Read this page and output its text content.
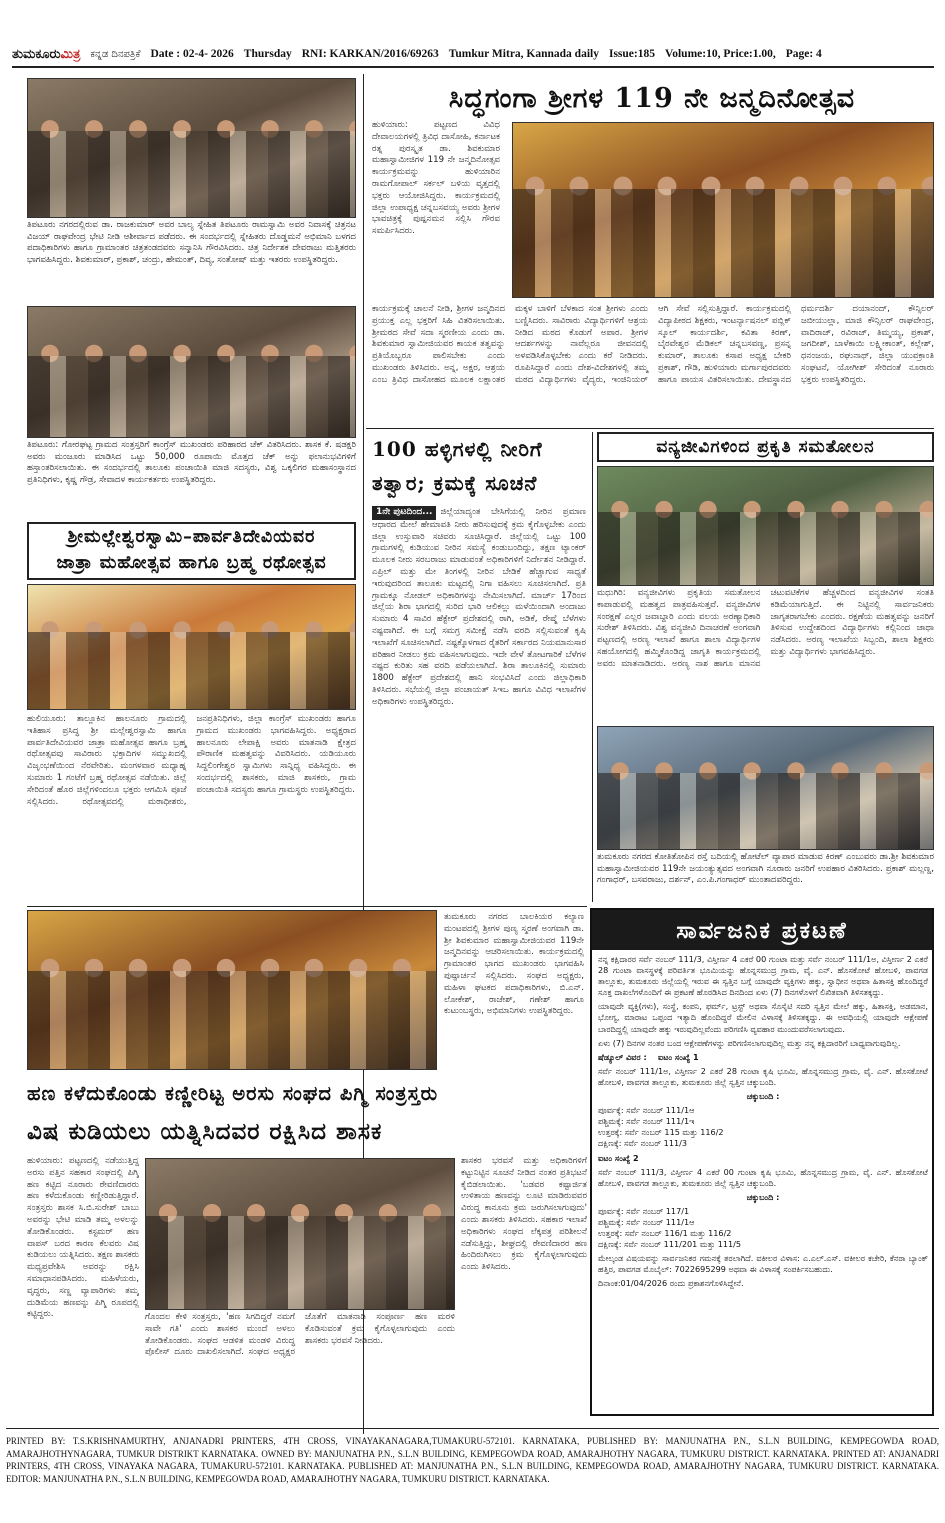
ತುಮಕೂರುಮಿತ್ರ ಕನ್ನಡ ದಿನಪತ್ರಿಕೆ Date : 02-4- 2026 Thursday RNI: KARKAN/2016/69263 Tumkur Mitra, Kannada daily Issue:185 Volume:10, Price:1.00, Page: 4
ತಿಪಟೂರು ನಗರದಲ್ಲಿರುವ ಡಾ. ರಾಜಕುಮಾರ್ ಅವರ ಬಾಲ್ಯ ಸ್ನೇಹಿತ ತಿಪಟೂರು ರಾಮಸ್ವಾಮಿ ಅವರ ನಿವಾಸಕ್ಕೆ ಚಿತ್ರನಟ ವಿಜಯ್ ರಾಘವೇಂದ್ರ ಭೇಟಿ ನೀಡಿ ಆಶೀರ್ವಾದ ಪಡೆದರು. ಈ ಸಂದರ್ಭದಲ್ಲಿ ಸ್ನೇಹಿತರು ದೊಡ್ಡಮನೆ ಅಭಿಮಾನಿ ಬಳಗದ ಪದಾಧಿಕಾರಿಗಳು ಹಾಗೂ ಗ್ರಾಮಾಂತರ ಚಿತ್ರತಂಡದವರು ಸನ್ಮಾನಿಸಿ ಗೌರವಿಸಿದರು. ಚಿತ್ರ ನಿರ್ದೇಶಕ ದೇವರಾಜು ಮತ್ತಿತರರು ಭಾಗವಹಿಸಿದ್ದರು. ಶಿವಕುಮಾರ್, ಪ್ರಕಾಶ್, ಚಂದ್ರು, ಹೇಮಂತ್, ದಿವ್ಯ, ಸಂತೋಷ್ ಮತ್ತು ಇತರರು ಉಪಸ್ಥಿತರಿದ್ದರು.
ತಿಪಟೂರು: ಗೋರಘಟ್ಟ ಗ್ರಾಮದ ಸಂತ್ರಸ್ತರಿಗೆ ಕಾಂಗ್ರೆಸ್ ಮುಖಂಡರು ಪರಿಹಾರದ ಚೆಕ್ ವಿತರಿಸಿದರು. ಶಾಸಕ ಕೆ. ಷಡಕ್ಷರಿ ಅವರು ಮಂಜೂರು ಮಾಡಿಸಿದ ಒಟ್ಟು 50,000 ರೂಪಾಯಿ ಮೊತ್ತದ ಚೆಕ್ ಅನ್ನು ಫಲಾನುಭವಿಗಳಿಗೆ ಹಸ್ತಾಂತರಿಸಲಾಯಿತು. ಈ ಸಂದರ್ಭದಲ್ಲಿ ತಾಲೂಕು ಪಂಚಾಯಿತಿ ಮಾಜಿ ಸದಸ್ಯರು, ವಿಶ್ವ ಒಕ್ಕಲಿಗರ ಮಹಾಸಂಸ್ಥಾನದ ಪ್ರತಿನಿಧಿಗಳು, ಕೃಷ್ಣ ಗೌಡ್ರ, ಸೇವಾದಳ ಕಾರ್ಯಕರ್ತರು ಉಪಸ್ಥಿತರಿದ್ದರು.
ಶ್ರೀಮಲ್ಲೇಶ್ವರಸ್ವಾಮಿ–ಪಾರ್ವತಿದೇವಿಯವರ
ಜಾತ್ರಾ ಮಹೋತ್ಸವ ಹಾಗೂ ಬ್ರಹ್ಮ ರಥೋತ್ಸವ
ಹುಲಿಯೂರು: ತಾಲ್ಲೂಕಿನ ಹಾಲನೂರು ಗ್ರಾಮದಲ್ಲಿ ಇತಿಹಾಸ ಪ್ರಸಿದ್ಧ ಶ್ರೀ ಮಲ್ಲೇಶ್ವರಸ್ವಾಮಿ ಹಾಗೂ ಪಾರ್ವತಿದೇವಿಯವರ ಜಾತ್ರಾ ಮಹೋತ್ಸವ ಹಾಗೂ ಬ್ರಹ್ಮ ರಥೋತ್ಸವವು ಸಾವಿರಾರು ಭಕ್ತಾದಿಗಳ ಸಮ್ಮುಖದಲ್ಲಿ ವಿಜೃಂಭಣೆಯಿಂದ ನೆರವೇರಿತು. ಮಂಗಳವಾರ ಮಧ್ಯಾಹ್ನ ಸುಮಾರು 1 ಗಂಟೆಗೆ ಬ್ರಹ್ಮ ರಥೋತ್ಸವ ನಡೆಯಿತು. ಜಿಲ್ಲೆ ಸೇರಿದಂತೆ ಹೊರ ಜಿಲ್ಲೆಗಳಿಂದಲೂ ಭಕ್ತರು ಆಗಮಿಸಿ ಪೂಜೆ ಸಲ್ಲಿಸಿದರು. ರಥೋತ್ಸವದಲ್ಲಿ ಮಠಾಧೀಶರು, ಜನಪ್ರತಿನಿಧಿಗಳು, ಜಿಲ್ಲಾ ಕಾಂಗ್ರೆಸ್ ಮುಖಂಡರು ಹಾಗೂ ಗ್ರಾಮದ ಮುಖಂಡರು ಭಾಗವಹಿಸಿದ್ದರು. ಅಧ್ಯಕ್ಷರಾದ ಹಾಲನೂರು ಲೇಪಾಕ್ಷಿ ಅವರು ಮಾತನಾಡಿ ಕ್ಷೇತ್ರದ ಪೌರಾಣಿಕ ಮಹತ್ವವನ್ನು ವಿವರಿಸಿದರು. ಯಡಿಯೂರು ಸಿದ್ದಲಿಂಗೇಶ್ವರ ಸ್ವಾಮಿಗಳು ಸಾನ್ನಿಧ್ಯ ವಹಿಸಿದ್ದರು. ಈ ಸಂದರ್ಭದಲ್ಲಿ ಶಾಸಕರು, ಮಾಜಿ ಶಾಸಕರು, ಗ್ರಾಮ ಪಂಚಾಯಿತಿ ಸದಸ್ಯರು ಹಾಗೂ ಗ್ರಾಮಸ್ಥರು ಉಪಸ್ಥಿತರಿದ್ದರು.
ಸಿದ್ಧಗಂಗಾ ಶ್ರೀಗಳ 119 ನೇ ಜನ್ಮದಿನೋತ್ಸವ
ಹುಳಿಯಾರು: ಪಟ್ಟಣದ ವಿವಿಧ ದೇವಾಲಯಗಳಲ್ಲಿ ತ್ರಿವಿಧ ದಾಸೋಹಿ, ಕರ್ನಾಟಕ ರತ್ನ ಪುರಸ್ಕೃತ ಡಾ. ಶಿವಕುಮಾರ ಮಹಾಸ್ವಾಮೀಜಿಗಳ 119 ನೇ ಜನ್ಮದಿನೋತ್ಸವ ಕಾರ್ಯಕ್ರಮವನ್ನು ಹುಳಿಯಾರಿನ ರಾಮಗೋಪಾಲ್ ಸರ್ಕಲ್ ಬಳಿಯ ವೃತ್ತದಲ್ಲಿ ಭಕ್ತರು ಆಯೋಜಿಸಿದ್ದರು. ಕಾರ್ಯಕ್ರಮದಲ್ಲಿ ಜಿಲ್ಲಾ ಉಪಾಧ್ಯಕ್ಷ ಚನ್ನಬಸವಯ್ಯ ಅವರು ಶ್ರೀಗಳ ಭಾವಚಿತ್ರಕ್ಕೆ ಪುಷ್ಪನಮನ ಸಲ್ಲಿಸಿ ಗೌರವ ಸಮರ್ಪಿಸಿದರು.
ಕಾರ್ಯಕ್ರಮಕ್ಕೆ ಚಾಲನೆ ನೀಡಿ, ಶ್ರೀಗಳ ಜನ್ಮದಿನದ ಪ್ರಯುಕ್ತ ಎಲ್ಲ ಭಕ್ತರಿಗೆ ಸಿಹಿ ವಿತರಿಸಲಾಯಿತು. ಶ್ರೀಮಠದ ಸೇವೆ ಸದಾ ಸ್ಮರಣೀಯ ಎಂದು ಡಾ. ಶಿವಕುಮಾರ ಸ್ವಾಮೀಜಿಯವರ ಕಾಯಕ ತತ್ವವನ್ನು ಪ್ರತಿಯೊಬ್ಬರೂ ಪಾಲಿಸಬೇಕು ಎಂದು ಮುಖಂಡರು ತಿಳಿಸಿದರು. ಅನ್ನ, ಅಕ್ಷರ, ಆಶ್ರಯ ಎಂಬ ತ್ರಿವಿಧ ದಾಸೋಹದ ಮೂಲಕ ಲಕ್ಷಾಂತರ ಮಕ್ಕಳ ಬಾಳಿಗೆ ಬೆಳಕಾದ ಸಂತ ಶ್ರೀಗಳು ಎಂದು ಬಣ್ಣಿಸಿದರು. ಸಾವಿರಾರು ವಿದ್ಯಾರ್ಥಿಗಳಿಗೆ ಆಶ್ರಯ ನೀಡಿದ ಮಠದ ಕೊಡುಗೆ ಅಪಾರ. ಶ್ರೀಗಳ ಆದರ್ಶಗಳನ್ನು ನಾವೆಲ್ಲರೂ ಜೀವನದಲ್ಲಿ ಅಳವಡಿಸಿಕೊಳ್ಳಬೇಕು ಎಂದು ಕರೆ ನೀಡಿದರು. ರೂಪಿಸಿದ್ದಾರೆ ಎಂದು ದೇಶ-ವಿದೇಶಗಳಲ್ಲಿ ತಮ್ಮ ಮಠದ ವಿದ್ಯಾರ್ಥಿಗಳು ವೈದ್ಯರು, ಇಂಜಿನಿಯರ್ ಆಗಿ ಸೇವೆ ಸಲ್ಲಿಸುತ್ತಿದ್ದಾರೆ. ಕಾರ್ಯಕ್ರಮದಲ್ಲಿ ವಿದ್ಯಾಪೀಠದ ಶಿಕ್ಷಕರು, ಇಂಟರ್ನ್ಯಾಷನಲ್ ಪಬ್ಲಿಕ್ ಸ್ಕೂಲ್ ಕಾರ್ಯದರ್ಶಿ, ಕವಿತಾ ಕಿರಣ್, ಬೈರವೇಶ್ವರ ಮೆಡಿಕಲ್ ಚನ್ನಬಸವಣ್ಣ, ಪ್ರಸನ್ನ ಕುಮಾರ್, ತಾಲೂಕು ಕಸಾಪ ಅಧ್ಯಕ್ಷ ಬೇಕರಿ ಪ್ರಕಾಶ್, ಗೌಡಿ, ಹುಳಿಯಾರು ಮರ್ಗಾಪುರದವರು ಹಾಗೂ ಪಾಯಸ ವಿತರಿಸಲಾಯಿತು. ದೇವಸ್ಥಾನದ ಧರ್ಮದರ್ಶಿ ದಯಾನಂದ್, ಕೌನ್ಸಿಲರ್ ಜಬೀಯುಲ್ಲಾ, ಮಾಜಿ ಕೌನ್ಸಿಲರ್ ರಾಘವೇಂದ್ರ, ವಾದಿರಾಜ್, ರವಿರಾಜ್, ತಿಮ್ಮಯ್ಯ, ಪ್ರಕಾಶ್, ಜಗದೀಶ್, ಬಾಳೆಕಾಯಿ ಲಕ್ಷ್ಮೀಕಾಂತ್, ಕಲ್ಲೇಶ್, ಧನಂಜಯ, ರಘುನಾಥ್, ಜಿಲ್ಲಾ ಯುವಕ್ರಾಂತಿ ಸಂಘಟನೆ, ಯೋಗೀಶ್ ಸೇರಿದಂತೆ ನೂರಾರು ಭಕ್ತರು ಉಪಸ್ಥಿತರಿದ್ದರು.
100 ಹಳ್ಳಿಗಳಲ್ಲಿ ನೀರಿಗೆ
ತತ್ವಾರ; ಕ್ರಮಕ್ಕೆ ಸೂಚನೆ
1ನೇ ಪುಟದಿಂದ... ಜಿಲ್ಲೆಯಾದ್ಯಂತ ಬೇಸಿಗೆಯಲ್ಲಿ ನೀರಿನ ಪ್ರಮಾಣ ಆಧಾರದ ಮೇಲೆ ಹೇಮಾವತಿ ನೀರು ಹರಿಸುವುದಕ್ಕೆ ಕ್ರಮ ಕೈಗೊಳ್ಳಬೇಕು ಎಂದು ಜಿಲ್ಲಾ ಉಸ್ತುವಾರಿ ಸಚಿವರು ಸೂಚಿಸಿದ್ದಾರೆ. ಜಿಲ್ಲೆಯಲ್ಲಿ ಒಟ್ಟು 100 ಗ್ರಾಮಗಳಲ್ಲಿ ಕುಡಿಯುವ ನೀರಿನ ಸಮಸ್ಯೆ ಕಂಡುಬಂದಿದ್ದು, ತಕ್ಷಣ ಟ್ಯಾಂಕರ್ ಮೂಲಕ ನೀರು ಸರಬರಾಜು ಮಾಡುವಂತೆ ಅಧಿಕಾರಿಗಳಿಗೆ ನಿರ್ದೇಶನ ನೀಡಿದ್ದಾರೆ. ಎಪ್ರಿಲ್ ಮತ್ತು ಮೇ ತಿಂಗಳಲ್ಲಿ ನೀರಿನ ಬೇಡಿಕೆ ಹೆಚ್ಚಾಗುವ ಸಾಧ್ಯತೆ ಇರುವುದರಿಂದ ತಾಲೂಕು ಮಟ್ಟದಲ್ಲಿ ನಿಗಾ ವಹಿಸಲು ಸೂಚಿಸಲಾಗಿದೆ. ಪ್ರತಿ ಗ್ರಾಮಕ್ಕೂ ನೋಡಲ್ ಅಧಿಕಾರಿಗಳನ್ನು ನೇಮಿಸಲಾಗಿದೆ. ಮಾರ್ಚ್ 17ರಿಂದ ಜಿಲ್ಲೆಯ ಶಿರಾ ಭಾಗದಲ್ಲಿ ಸುರಿದ ಭಾರಿ ಆಲಿಕಲ್ಲು ಮಳೆಯಿಂದಾಗಿ ಅಂದಾಜು ಸುಮಾರು 4 ಸಾವಿರ ಹೆಕ್ಟೇರ್ ಪ್ರದೇಶದಲ್ಲಿ ರಾಗಿ, ಅಡಿಕೆ, ರೇಷ್ಮೆ ಬೆಳೆಗಳು ನಷ್ಟವಾಗಿದೆ. ಈ ಬಗ್ಗೆ ಸಮಗ್ರ ಸಮೀಕ್ಷೆ ನಡೆಸಿ ವರದಿ ಸಲ್ಲಿಸುವಂತೆ ಕೃಷಿ ಇಲಾಖೆಗೆ ಸೂಚಿಸಲಾಗಿದೆ. ನಷ್ಟಕ್ಕೊಳಗಾದ ರೈತರಿಗೆ ಸರ್ಕಾರದ ನಿಯಮಾನುಸಾರ ಪರಿಹಾರ ನೀಡಲು ಕ್ರಮ ವಹಿಸಲಾಗುವುದು. ಇದೇ ವೇಳೆ ತೋಟಗಾರಿಕೆ ಬೆಳೆಗಳ ನಷ್ಟದ ಕುರಿತು ಸಹ ವರದಿ ಪಡೆಯಲಾಗಿದೆ. ಶಿರಾ ತಾಲೂಕಿನಲ್ಲಿ ಸುಮಾರು 1800 ಹೆಕ್ಟೇರ್ ಪ್ರದೇಶದಲ್ಲಿ ಹಾನಿ ಸಂಭವಿಸಿದೆ ಎಂದು ಜಿಲ್ಲಾಧಿಕಾರಿ ತಿಳಿಸಿದರು. ಸಭೆಯಲ್ಲಿ ಜಿಲ್ಲಾ ಪಂಚಾಯತ್ ಸಿಇಒ ಹಾಗೂ ವಿವಿಧ ಇಲಾಖೆಗಳ ಅಧಿಕಾರಿಗಳು ಉಪಸ್ಥಿತರಿದ್ದರು.
ವನ್ಯಜೀವಿಗಳಿಂದ ಪ್ರಕೃತಿ ಸಮತೋಲನ
ಮಧುಗಿರಿ: ವನ್ಯಜೀವಿಗಳು ಪ್ರಕೃತಿಯ ಸಮತೋಲನ ಕಾಪಾಡುವಲ್ಲಿ ಮಹತ್ವದ ಪಾತ್ರವಹಿಸುತ್ತವೆ. ವನ್ಯಜೀವಿಗಳ ಸಂರಕ್ಷಣೆ ಎಲ್ಲರ ಜವಾಬ್ದಾರಿ ಎಂದು ವಲಯ ಅರಣ್ಯಾಧಿಕಾರಿ ಸುರೇಶ್ ತಿಳಿಸಿದರು. ವಿಶ್ವ ವನ್ಯಜೀವಿ ದಿನಾಚರಣೆ ಅಂಗವಾಗಿ ಪಟ್ಟಣದಲ್ಲಿ ಅರಣ್ಯ ಇಲಾಖೆ ಹಾಗೂ ಶಾಲಾ ವಿದ್ಯಾರ್ಥಿಗಳ ಸಹಯೋಗದಲ್ಲಿ ಹಮ್ಮಿಕೊಂಡಿದ್ದ ಜಾಗೃತಿ ಕಾರ್ಯಕ್ರಮದಲ್ಲಿ ಅವರು ಮಾತನಾಡಿದರು. ಅರಣ್ಯ ನಾಶ ಹಾಗೂ ಮಾನವ ಚಟುವಟಿಕೆಗಳ ಹೆಚ್ಚಳದಿಂದ ವನ್ಯಜೀವಿಗಳ ಸಂತತಿ ಕಡಿಮೆಯಾಗುತ್ತಿದೆ. ಈ ನಿಟ್ಟಿನಲ್ಲಿ ಸಾರ್ವಜನಿಕರು ಜಾಗೃತರಾಗಬೇಕು ಎಂದರು. ರಕ್ಷಣೆಯ ಮಹತ್ವವನ್ನು ಜನರಿಗೆ ತಿಳಿಸುವ ಉದ್ದೇಶದಿಂದ ವಿದ್ಯಾರ್ಥಿಗಳು ಕಲ್ಲಿನಿಂದ ಜಾಥಾ ನಡೆಸಿದರು. ಅರಣ್ಯ ಇಲಾಖೆಯ ಸಿಬ್ಬಂದಿ, ಶಾಲಾ ಶಿಕ್ಷಕರು ಮತ್ತು ವಿದ್ಯಾರ್ಥಿಗಳು ಭಾಗವಹಿಸಿದ್ದರು.
ತುಮಕೂರು ನಗರದ ಕೋತಿತೋಪಿನ ರಸ್ತೆ ಬದಿಯಲ್ಲಿ ಹೋಟೆಲ್ ವ್ಯಾಪಾರ ಮಾಡುವ ಕಿರಣ್ ಎಂಬುವರು ಡಾ.ಶ್ರೀ ಶಿವಕುಮಾರ ಮಹಾಸ್ವಾಮೀಜಿಯವರ 119ನೇ ಜಯಂತ್ಯುತ್ಸವದ ಅಂಗವಾಗಿ ನೂರಾರು ಜನರಿಗೆ ಉಪಹಾರ ವಿತರಿಸಿದರು. ಪ್ರಕಾಶ್ ಮಲ್ಲಣ್ಣ, ಗಂಗಾಧರ್, ಬಸವರಾಜು, ದರ್ಶನ್, ಎಂ.ಪಿ.ಗಂಗಾಧರ್ ಮುಂತಾದವರಿದ್ದರು.
ತುಮಕೂರು ನಗರದ ಬಾಲಕಿಯರ ಕಲ್ಯಾಣ ಮಂಟಪದಲ್ಲಿ ಶ್ರೀಗಳ ಪುಣ್ಯ ಸ್ಮರಣೆ ಅಂಗವಾಗಿ ಡಾ. ಶ್ರೀ ಶಿವಕುಮಾರ ಮಹಾಸ್ವಾಮೀಜಿಯವರ 119ನೇ ಜನ್ಮದಿನವನ್ನು ಆಚರಿಸಲಾಯಿತು. ಕಾರ್ಯಕ್ರಮದಲ್ಲಿ ಗ್ರಾಮಾಂತರ ಭಾಗದ ಮುಖಂಡರು ಭಾಗವಹಿಸಿ ಪುಷ್ಪಾರ್ಚನೆ ಸಲ್ಲಿಸಿದರು. ಸಂಘದ ಅಧ್ಯಕ್ಷರು, ಮಹಿಳಾ ಘಟಕದ ಪದಾಧಿಕಾರಿಗಳು, ಬಿ.ಎನ್. ಲೋಕೇಶ್, ರಾಜೇಶ್, ಗಣೇಶ್ ಹಾಗೂ ಕುಟುಂಬಸ್ಥರು, ಅಭಿಮಾನಿಗಳು ಉಪಸ್ಥಿತರಿದ್ದರು.
ಹಣ ಕಳೆದುಕೊಂಡು ಕಣ್ಣೀರಿಟ್ಟ ಅರಸು ಸಂಘದ ಪಿಗ್ಮಿ ಸಂತ್ರಸ್ತರು
ವಿಷ ಕುಡಿಯಲು ಯತ್ನಿಸಿದವರ ರಕ್ಷಿಸಿದ ಶಾಸಕ
ಹುಳಿಯಾರು: ಪಟ್ಟಣದಲ್ಲಿ ನಡೆಯುತ್ತಿದ್ದ ಅರಸು ಪತ್ತಿನ ಸಹಕಾರ ಸಂಘದಲ್ಲಿ ಪಿಗ್ಮಿ ಹಣ ಕಟ್ಟಿದ ನೂರಾರು ಠೇವಣಿದಾರರು ಹಣ ಕಳೆದುಕೊಂಡು ಕಣ್ಣೀರಿಡುತ್ತಿದ್ದಾರೆ. ಸಂತ್ರಸ್ತರು ಶಾಸಕ ಸಿ.ಬಿ.ಸುರೇಶ್ ಬಾಬು ಅವರನ್ನು ಭೇಟಿ ಮಾಡಿ ತಮ್ಮ ಅಳಲನ್ನು ತೋಡಿಕೊಂಡರು. ಕಸ್ಟಮರ್ ಹಣ ವಾಪಸ್ ಬರದ ಕಾರಣ ಕೆಲವರು ವಿಷ ಕುಡಿಯಲು ಯತ್ನಿಸಿದರು. ತಕ್ಷಣ ಶಾಸಕರು ಮಧ್ಯಪ್ರವೇಶಿಸಿ ಅವರನ್ನು ರಕ್ಷಿಸಿ ಸಮಾಧಾನಪಡಿಸಿದರು. ಮಹಿಳೆಯರು, ವೃದ್ಧರು, ಸಣ್ಣ ವ್ಯಾಪಾರಿಗಳು ತಮ್ಮ ದುಡಿಮೆಯ ಹಣವನ್ನು ಪಿಗ್ಮಿ ರೂಪದಲ್ಲಿ ಕಟ್ಟಿದ್ದರು.	ಗೊಂದಲ ಕೇಳಿ ಸಂತ್ರಸ್ತರು, 'ಹಣ ಸಿಗದಿದ್ದರೆ ನಮಗೆ ಸಾವೇ ಗತಿ' ಎಂದು ಶಾಸಕರ ಮುಂದೆ ಅಳಲು ತೋಡಿಕೊಂಡರು. ಸಂಘದ ಆಡಳಿತ ಮಂಡಳಿ ವಿರುದ್ಧ ಪೊಲೀಸ್ ದೂರು ದಾಖಲಿಸಲಾಗಿದೆ. ಸಂಘದ ಅಧ್ಯಕ್ಷರ ಜೊತೆಗೆ ಮಾತನಾಡಿ ಸಂಪೂರ್ಣ ಹಣ ಮರಳಿ ಕೊಡಿಸುವಂತೆ ಕ್ರಮ ಕೈಗೊಳ್ಳಲಾಗುವುದು ಎಂದು ಶಾಸಕರು ಭರವಸೆ ನೀಡಿದರು.
ಶಾಸಕರ ಭರವಸೆ ಮತ್ತು ಅಧಿಕಾರಿಗಳಿಗೆ ಕಟ್ಟುನಿಟ್ಟಿನ ಸೂಚನೆ ನೀಡಿದ ನಂತರ ಪ್ರತಿಭಟನೆ ಕೈಬಿಡಲಾಯಿತು. 'ಬಡವರ ಕಷ್ಟಾರ್ಜಿತ ಉಳಿತಾಯ ಹಣವನ್ನು ಲೂಟಿ ಮಾಡಿರುವವರ ವಿರುದ್ಧ ಕಾನೂನು ಕ್ರಮ ಜರುಗಿಸಲಾಗುವುದು' ಎಂದು ಶಾಸಕರು ತಿಳಿಸಿದರು. ಸಹಕಾರ ಇಲಾಖೆ ಅಧಿಕಾರಿಗಳು ಸಂಘದ ಲೆಕ್ಕಪತ್ರ ಪರಿಶೀಲನೆ ನಡೆಸುತ್ತಿದ್ದು, ಶೀಘ್ರದಲ್ಲಿ ಠೇವಣಿದಾರರ ಹಣ ಹಿಂದಿರುಗಿಸಲು ಕ್ರಮ ಕೈಗೊಳ್ಳಲಾಗುವುದು ಎಂದು ತಿಳಿಸಿದರು.
ಸಾರ್ವಜನಿಕ ಪ್ರಕಟಣೆ

ನನ್ನ ಕಕ್ಷಿದಾರರ ಸರ್ವೆ ನಂಬರ್ 111/3, ವಿಸ್ತೀರ್ಣ 4 ಎಕರೆ 00 ಗುಂಟಾ ಮತ್ತು ಸರ್ವೆ ನಂಬರ್ 111/1ಅ, ವಿಸ್ತೀರ್ಣ 2 ಎಕರೆ 28 ಗುಂಟಾ ವಾಸಸ್ಥಳಕ್ಕೆ ಪರಿವರ್ತಿತ ಭೂಮಿಯನ್ನು ಹೊನ್ನಸಮುದ್ರ ಗ್ರಾಮ, ವೈ. ಎನ್. ಹೊಸಕೋಟೆ ಹೋಬಳಿ, ಪಾವಗಡ ತಾಲ್ಲೂಕು, ತುಮಕೂರು ಜಿಲ್ಲೆಯಲ್ಲಿ ಇರುವ ಈ ಸ್ವತ್ತಿನ ಬಗ್ಗೆ ಯಾವುದೇ ವ್ಯಕ್ತಿಗಳು ಹಕ್ಕು, ಸ್ವಾಧೀನ ಅಥವಾ ಹಿತಾಸಕ್ತಿ ಹೊಂದಿದ್ದರೆ ಸೂಕ್ತ ದಾಖಲೆಗಳೊಂದಿಗೆ ಈ ಪ್ರಕಟಣೆ ಹೊರಡಿಸಿದ ದಿನದಿಂದ ಏಳು (7) ದಿನಗಳೊಳಗೆ ಲಿಖಿತವಾಗಿ ತಿಳಿಸತಕ್ಕದ್ದು.

ಯಾವುದೇ ವ್ಯಕ್ತಿ(ಗಳು), ಸಂಸ್ಥೆ, ಕಂಪನಿ, ಫರ್ಮ್, ಟ್ರಸ್ಟ್ ಅಥವಾ ಸೊಸೈಟಿ ಸದರಿ ಸ್ವತ್ತಿನ ಮೇಲೆ ಹಕ್ಕು, ಹಿತಾಸಕ್ತಿ, ಅಡಮಾನ, ಭೋಗ್ಯ, ಮಾರಾಟ ಒಪ್ಪಂದ ಇತ್ಯಾದಿ ಹೊಂದಿದ್ದರೆ ಮೇಲಿನ ವಿಳಾಸಕ್ಕೆ ತಿಳಿಸತಕ್ಕದ್ದು. ಈ ಅವಧಿಯಲ್ಲಿ ಯಾವುದೇ ಆಕ್ಷೇಪಣೆ ಬಾರದಿದ್ದಲ್ಲಿ ಯಾವುದೇ ಹಕ್ಕು ಇರುವುದಿಲ್ಲವೆಂದು ಪರಿಗಣಿಸಿ ವ್ಯವಹಾರ ಮುಂದುವರೆಸಲಾಗುವುದು.

ಏಳು (7) ದಿನಗಳ ನಂತರ ಬಂದ ಆಕ್ಷೇಪಣೆಗಳನ್ನು ಪರಿಗಣಿಸಲಾಗುವುದಿಲ್ಲ ಮತ್ತು ನನ್ನ ಕಕ್ಷಿದಾರರಿಗೆ ಬಾಧ್ಯವಾಗುವುದಿಲ್ಲ.

ಷೆಡ್ಯೂಲ್ ವಿವರ : ಐಟಂ ಸಂಖ್ಯೆ 1

ಸರ್ವೆ ನಂಬರ್ 111/1ಅ, ವಿಸ್ತೀರ್ಣ 2 ಎಕರೆ 28 ಗುಂಟಾ ಕೃಷಿ ಭೂಮಿ, ಹೊನ್ನಸಮುದ್ರ ಗ್ರಾಮ, ವೈ. ಎನ್. ಹೊಸಕೋಟೆ ಹೋಬಳಿ, ಪಾವಗಡ ತಾಲ್ಲೂಕು, ತುಮಕೂರು ಜಿಲ್ಲೆ ಸ್ವತ್ತಿನ ಚಕ್ಕುಬಂದಿ.

ಚಕ್ಕುಬಂದಿ :

ಪೂರ್ವಕ್ಕೆ: ಸರ್ವೆ ನಂಬರ್ 111/1ಆ

ಪಶ್ಚಿಮಕ್ಕೆ: ಸರ್ವೆ ನಂಬರ್ 111/1ಇ

ಉತ್ತರಕ್ಕೆ: ಸರ್ವೆ ನಂಬರ್ 115 ಮತ್ತು 116/2

ದಕ್ಷಿಣಕ್ಕೆ: ಸರ್ವೆ ನಂಬರ್ 111/3

ಐಟಂ ಸಂಖ್ಯೆ 2

ಸರ್ವೆ ನಂಬರ್ 111/3, ವಿಸ್ತೀರ್ಣ 4 ಎಕರೆ 00 ಗುಂಟಾ ಕೃಷಿ ಭೂಮಿ, ಹೊನ್ನಸಮುದ್ರ ಗ್ರಾಮ, ವೈ. ಎನ್. ಹೊಸಕೋಟೆ ಹೋಬಳಿ, ಪಾವಗಡ ತಾಲ್ಲೂಕು, ತುಮಕೂರು ಜಿಲ್ಲೆ ಸ್ವತ್ತಿನ ಚಕ್ಕುಬಂದಿ.

ಚಕ್ಕುಬಂದಿ :

ಪೂರ್ವಕ್ಕೆ: ಸರ್ವೆ ನಂಬರ್ 117/1

ಪಶ್ಚಿಮಕ್ಕೆ: ಸರ್ವೆ ನಂಬರ್ 111/1ಆ

ಉತ್ತರಕ್ಕೆ: ಸರ್ವೆ ನಂಬರ್ 116/1 ಮತ್ತು 116/2

ದಕ್ಷಿಣಕ್ಕೆ: ಸರ್ವೆ ನಂಬರ್ 111/201 ಮತ್ತು 111/5

ಮೇಲ್ಕಂಡ ವಿಷಯವನ್ನು ಸಾರ್ವಜನಿಕರ ಗಮನಕ್ಕೆ ತರಲಾಗಿದೆ. ವಕೀಲರ ವಿಳಾಸ: ಎ.ಎಲ್.ಎಸ್. ವಕೀಲರ ಕಚೇರಿ, ಕೆನರಾ ಬ್ಯಾಂಕ್ ಹತ್ತಿರ, ಪಾವಗಡ ಮೊಬೈಲ್: 7022695299 ಅಥವಾ ಈ ವಿಳಾಸಕ್ಕೆ ಸಂಪರ್ಕಿಸಬಹುದು.

ದಿನಾಂಕ:01/04/2026 ರಂದು ಪ್ರಕಾಶನಗೊಳಿಸಿದ್ದೇನೆ.

PRINTED BY: T.S.KRISHNAMURTHY, ANJANADRI PRINTERS, 4TH CROSS, VINAYAKANAGARA,TUMAKURU-572101. KARNATAKA, PUBLISHED BY: MANJUNATHA P.N., S.L.N BUILDING, KEMPEGOWDA ROAD, AMARAJHOTHYNAGARA, TUMKUR DISTRIKT KARNATAKA. OWNED BY: MANJUNATHA P.N., S.L.N BUILDING, KEMPEGOWDA ROAD, AMARAJHOTHY NAGARA, TUMKURU DISTRICT. KARNATAKA. PRINTED AT: ANJANADRI PRINTERS, 4TH CROSS, VINAYAKA NAGARA, TUMAKURU-572101. KARNATAKA. PUBLISHED AT: MANJUNATHA P.N., S.L.N BUILDING, KEMPEGOWDA ROAD, AMARAJHOTHY NAGARA, TUMKURU DISTRICT. KARNATAKA. EDITOR: MANJUNATHA P.N., S.L.N BUILDING, KEMPEGOWDA ROAD, AMARAJHOTHY NAGARA, TUMKURU DISTRICT. KARNATAKA.
